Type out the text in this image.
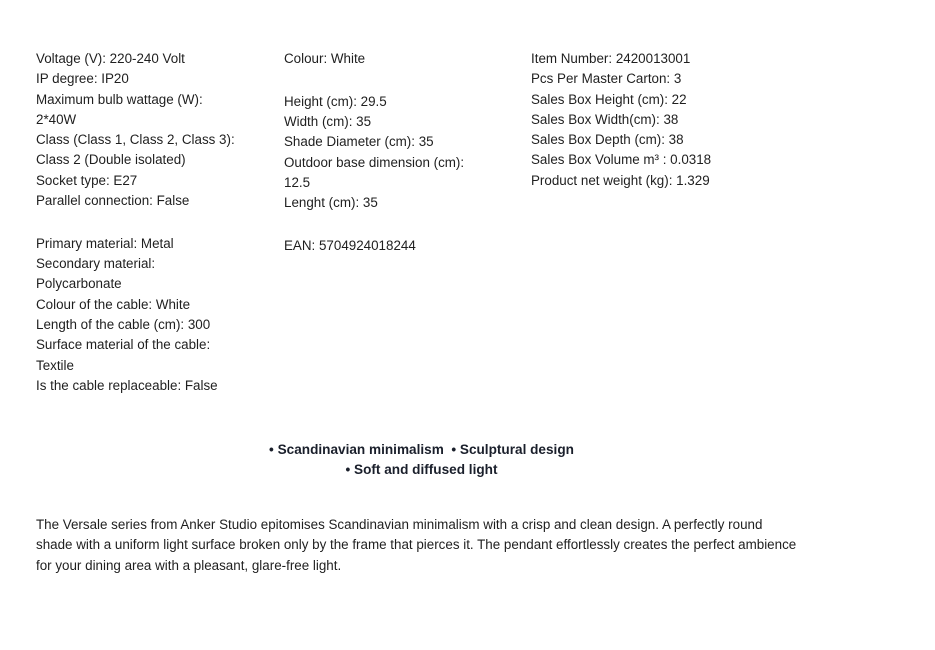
Voltage (V): 220-240 Volt
IP degree: IP20
Maximum bulb wattage (W):
2*40W
Class (Class 1, Class 2, Class 3):
Class 2 (Double isolated)
Socket type: E27
Parallel connection: False
Primary material: Metal
Secondary material:
Polycarbonate
Colour of the cable: White
Length of the cable (cm): 300
Surface material of the cable:
Textile
Is the cable replaceable: False
Colour: White
Height (cm): 29.5
Width (cm): 35
Shade Diameter (cm): 35
Outdoor base dimension (cm):
12.5
Lenght (cm): 35
EAN: 5704924018244
Item Number: 2420013001
Pcs Per Master Carton: 3
Sales Box Height (cm): 22
Sales Box Width(cm): 38
Sales Box Depth (cm): 38
Sales Box Volume m³ : 0.0318
Product net weight (kg): 1.329
• Scandinavian minimalism  • Sculptural design
• Soft and diffused light
The Versale series from Anker Studio epitomises Scandinavian minimalism with a crisp and clean design. A perfectly round
shade with a uniform light surface broken only by the frame that pierces it. The pendant effortlessly creates the perfect ambience
for your dining area with a pleasant, glare-free light.
